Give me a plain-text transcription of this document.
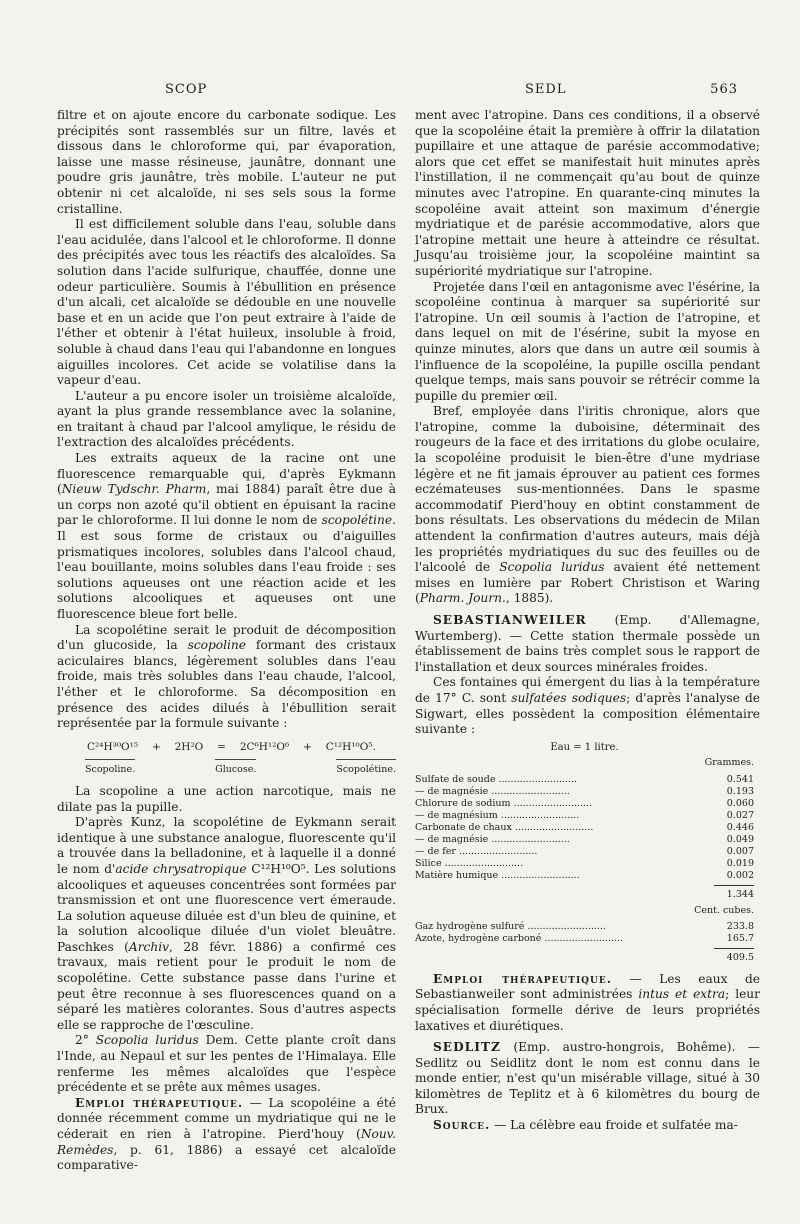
SCOP	SEDL	563

filtre et on ajoute encore du carbonate sodique. Les précipités sont rassemblés sur un filtre, lavés et dissous dans le chloroforme qui, par évaporation, laisse une masse résineuse, jaunâtre, donnant une poudre gris jaunâtre, très mobile. L'auteur ne put obtenir ni cet alcaloïde, ni ses sels sous la forme cristalline.

Il est difficilement soluble dans l'eau, soluble dans l'eau acidulée, dans l'alcool et le chloroforme. Il donne des précipités avec tous les réactifs des alcaloïdes. Sa solution dans l'acide sulfurique, chauffée, donne une odeur particulière. Soumis à l'ébullition en présence d'un alcali, cet alcaloïde se dédouble en une nouvelle base et en un acide que l'on peut extraire à l'aide de l'éther et obtenir à l'état huileux, insoluble à froid, soluble à chaud dans l'eau qui l'abandonne en longues aiguilles incolores. Cet acide se volatilise dans la vapeur d'eau.

L'auteur a pu encore isoler un troisième alcaloïde, ayant la plus grande ressemblance avec la solanine, en traitant à chaud par l'alcool amylique, le résidu de l'extraction des alcaloïdes précédents.

Les extraits aqueux de la racine ont une fluorescence remarquable qui, d'après Eykmann (Nieuw Tydschr. Pharm, mai 1884) paraît être due à un corps non azoté qu'il obtient en épuisant la racine par le chloroforme. Il lui donne le nom de scopolétine. Il est sous forme de cristaux ou d'aiguilles prismatiques incolores, solubles dans l'alcool chaud, l'eau bouillante, moins solubles dans l'eau froide : ses solutions aqueuses ont une réaction acide et les solutions alcooliques et aqueuses ont une fluorescence bleue fort belle.

La scopolétine serait le produit de décomposition d'un glucoside, la scopoline formant des cristaux aciculaires blancs, légèrement solubles dans l'eau froide, mais très solubles dans l'eau chaude, l'alcool, l'éther et le chloroforme. Sa décomposition en présence des acides dilués à l'ébullition serait représentée par la formule suivante :

C²⁴H³⁰O¹⁵ + 2H²O = 2C⁶H¹²O⁶ + C¹²H¹⁰O⁵.
Scopoline.	Glucose.	Scopolétine.

La scopoline a une action narcotique, mais ne dilate pas la pupille.

D'après Kunz, la scopolétine de Eykmann serait identique à une substance analogue, fluorescente qu'il a trouvée dans la belladonine, et à laquelle il a donné le nom d'acide chrysatropique C¹²H¹⁰O⁵. Les solutions alcooliques et aqueuses concentrées sont formées par transmission et ont une fluorescence vert émeraude. La solution aqueuse diluée est d'un bleu de quinine, et la solution alcoolique diluée d'un violet bleuâtre. Paschkes (Archiv, 28 févr. 1886) a confirmé ces travaux, mais retient pour le produit le nom de scopolétine. Cette substance passe dans l'urine et peut être reconnue à ses fluorescences quand on a séparé les matières colorantes. Sous d'autres aspects elle se rapproche de l'œsculine.

2° Scopolia luridus Dem. Cette plante croît dans l'Inde, au Nepaul et sur les pentes de l'Himalaya. Elle renferme les mêmes alcaloïdes que l'espèce précédente et se prête aux mêmes usages.

Emploi thérapeutique. — La scopoléine a été donnée récemment comme un mydriatique qui ne le céderait en rien à l'atropine. Pierd'houy (Nouv. Remèdes, p. 61, 1886) a essayé cet alcaloïde comparative-

ment avec l'atropine. Dans ces conditions, il a observé que la scopoléine était la première à offrir la dilatation pupillaire et une attaque de parésie accommodative; alors que cet effet se manifestait huit minutes après l'instillation, il ne commençait qu'au bout de quinze minutes avec l'atropine. En quarante-cinq minutes la scopoléine avait atteint son maximum d'énergie mydriatique et de parésie accommodative, alors que l'atropine mettait une heure à atteindre ce résultat. Jusqu'au troisième jour, la scopoléine maintint sa supériorité mydriatique sur l'atropine.

Projetée dans l'œil en antagonisme avec l'ésérine, la scopoléine continua à marquer sa supériorité sur l'atropine. Un œil soumis à l'action de l'atropine, et dans lequel on mit de l'ésérine, subit la myose en quinze minutes, alors que dans un autre œil soumis à l'influence de la scopoléine, la pupille oscilla pendant quelque temps, mais sans pouvoir se rétrécir comme la pupille du premier œil.

Bref, employée dans l'iritis chronique, alors que l'atropine, comme la duboisine, déterminait des rougeurs de la face et des irritations du globe oculaire, la scopoléine produisit le bien-être d'une mydriase légère et ne fit jamais éprouver au patient ces formes eczémateuses sus-mentionnées. Dans le spasme accommodatif Pierd'houy en obtint constamment de bons résultats. Les observations du médecin de Milan attendent la confirmation d'autres auteurs, mais déjà les propriétés mydriatiques du suc des feuilles ou de l'alcoolé de Scopolia luridus avaient été nettement mises en lumière par Robert Christison et Waring (Pharm. Journ., 1885).

SEBASTIANWEILER (Emp. d'Allemagne, Wurtemberg). — Cette station thermale possède un établissement de bains très complet sous le rapport de l'installation et deux sources minérales froides.

Ces fontaines qui émergent du lias à la température de 17° C. sont sulfatées sodiques; d'après l'analyse de Sigwart, elles possèdent la composition élémentaire suivante :

Eau = 1 litre.
Grammes.
Sulfate de soude ..........................	0.541
— de magnésie ..........................	0.193
Chlorure de sodium ..........................	0.060
— de magnésium ..........................	0.027
Carbonate de chaux ..........................	0.446
— de magnésie ..........................	0.049
— de fer ..........................	0.007
Silice ..........................	0.019
Matière humique ..........................	0.002
1.344
Cent. cubes.
Gaz hydrogène sulfuré ..........................	233.8
Azote, hydrogène carboné ..........................	165.7
409.5

Emploi thérapeutique. — Les eaux de Sebastianweiler sont administrées intus et extra; leur spécialisation formelle dérive de leurs propriétés laxatives et diurétiques.

SEDLITZ (Emp. austro-hongrois, Bohême). — Sedlitz ou Seidlitz dont le nom est connu dans le monde entier, n'est qu'un misérable village, situé à 30 kilomètres de Teplitz et à 6 kilomètres du bourg de Brux.

Source. — La célèbre eau froide et sulfatée ma-
